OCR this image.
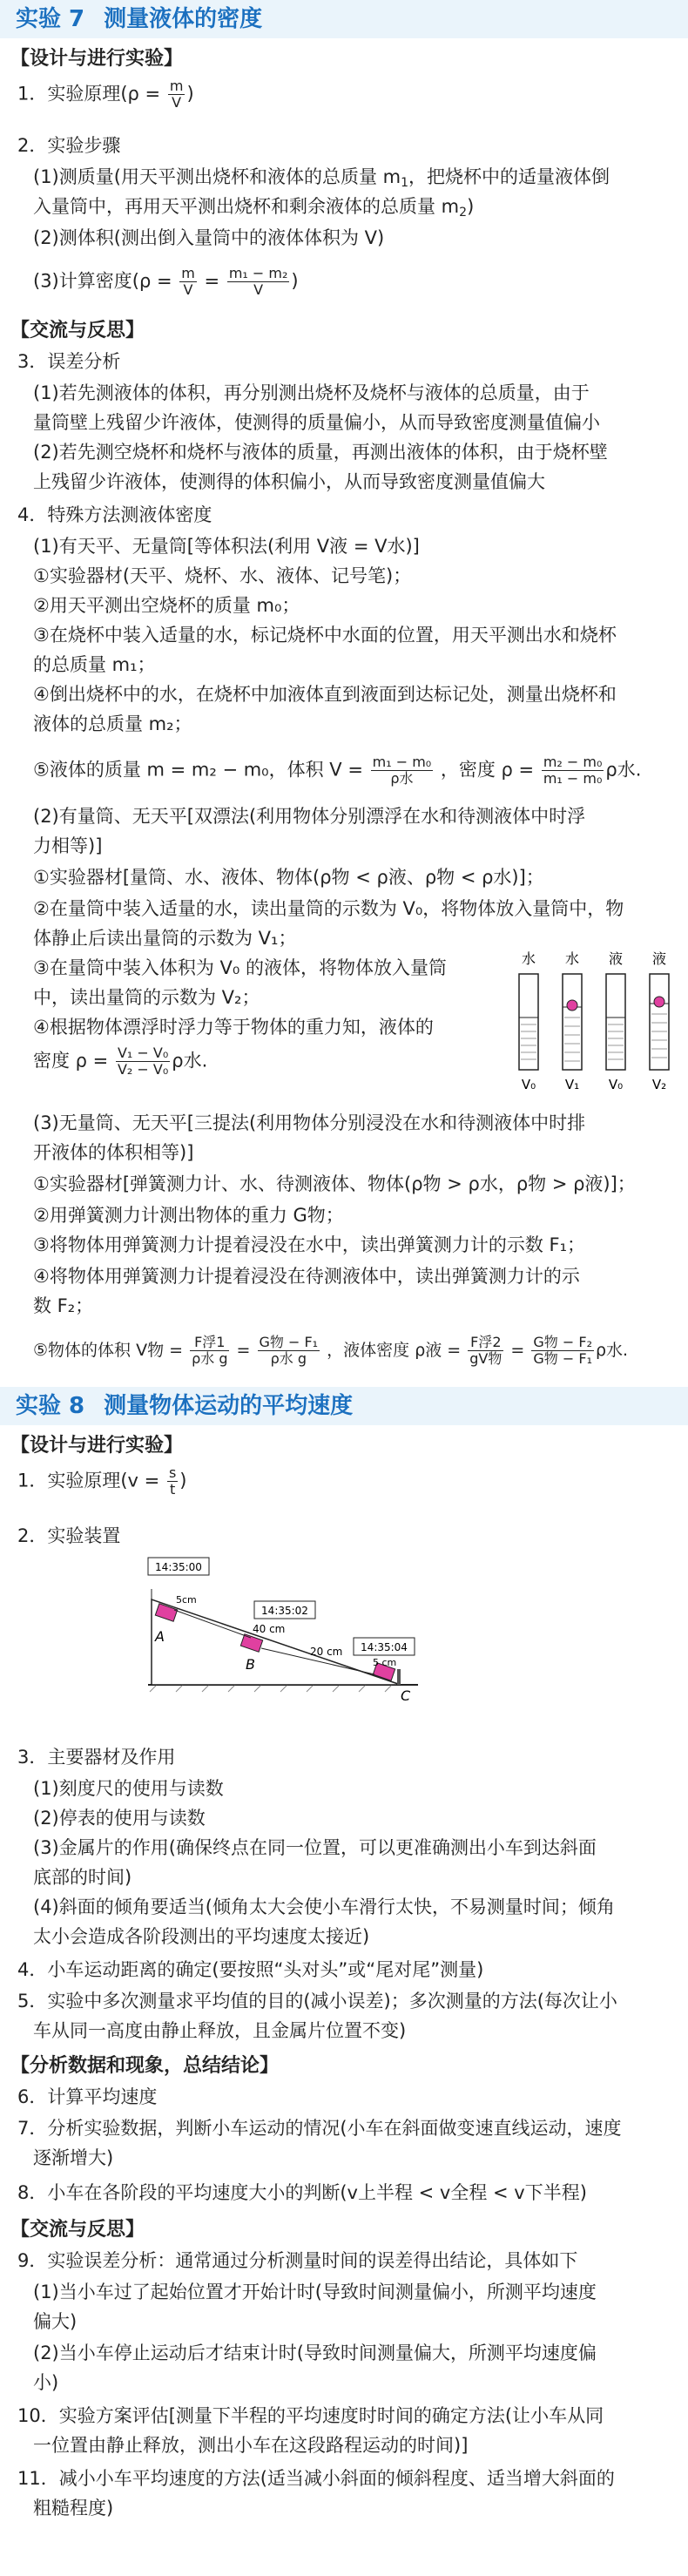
实验 7 测量液体的密度
【设计与进行实验】
1．实验原理($\rho = \frac{m}{V}$ )
2．实验步骤
(1)测质量(用天平测出烧杯和液体的总质量 $m_1$，把烧杯中的适量液体倒
入量筒中，再用天平测出烧杯和剩余液体的总质量 $m_2$)
(2)测体积(测出倒入量筒中的液体体积为 V)
(3)计算密度($\rho = \frac{m}{V} = \frac{\text{m₁ − m₂}}{V}$ )
【交流与反思】
3．误差分析
(1)若先测液体的体积，再分别测出烧杯及烧杯与液体的总质量，由于
量筒壁上残留少许液体，使测得的质量偏小，从而导致密度测量值偏小
(2)若先测空烧杯和烧杯与液体的质量，再测出液体的体积，由于烧杯壁
上残留少许液体，使测得的体积偏小，从而导致密度测量值偏大
4．特殊方法测液体密度
(1)有天平、无量筒[等体积法(利用 V液 = V水)]
①实验器材(天平、烧杯、水、液体、记号笔)；
②用天平测出空烧杯的质量 m₀；
③在烧杯中装入适量的水，标记烧杯中水面的位置，用天平测出水和烧杯
的总质量 m₁；
④倒出烧杯中的水，在烧杯中加液体直到液面到达标记处，测量出烧杯和
液体的总质量 m₂；
⑤液体的质量 m = m₂ − m₀，体积 $V = \frac{\text{m₁ − m₀}}{\text{ρ水}}$ ，密度 $\rho = \frac{\text{m₂ − m₀}}{\text{m₁ − m₀}}$ ρ水.
(2)有量筒、无天平[双漂法(利用物体分别漂浮在水和待测液体中时浮
力相等)]
①实验器材[量筒、水、液体、物体(ρ物 < ρ液、ρ物 < ρ水)]；
②在量筒中装入适量的水，读出量筒的示数为 V₀，将物体放入量筒中，物
体静止后读出量筒的示数为 V₁；
③在量筒中装入体积为 V₀ 的液体，将物体放入量筒
中，读出量筒的示数为 V₂；
④根据物体漂浮时浮力等于物体的重力知，液体的
密度 $\rho = \frac{\text{V₁ − V₀}}{\text{V₂ − V₀}}$ ρ水.
水
V₀
水
V₁
液
V₀
液
V₂
(3)无量筒、无天平[三提法(利用物体分别浸没在水和待测液体中时排
开液体的体积相等)]
①实验器材[弹簧测力计、水、待测液体、物体(ρ物 > ρ水，ρ物 > ρ液)]；
②用弹簧测力计测出物体的重力 G物；
③将物体用弹簧测力计提着浸没在水中，读出弹簧测力计的示数 F₁；
④将物体用弹簧测力计提着浸没在待测液体中，读出弹簧测力计的示
数 F₂；
⑤物体的体积 V物 = $\frac{\text{F浮1}}{\text{ρ水 g}} = \frac{\text{G物 − F₁}}{\text{ρ水 g}}$ ，液体密度 ρ液 = $\frac{\text{F浮2}}{\text{gV物}} = \frac{\text{G物 − F₂}}{\text{G物 − F₁}}$ ρ水.
实验 8 测量物体运动的平均速度
【设计与进行实验】
1．实验原理($v = \frac{s}{t}$ )
2．实验装置
14:35:00
14:35:02
14:35:04
5cm
40 cm
20 cm
5 cm
A
B
C
3．主要器材及作用
(1)刻度尺的使用与读数
(2)停表的使用与读数
(3)金属片的作用(确保终点在同一位置，可以更准确测出小车到达斜面
底部的时间)
(4)斜面的倾角要适当(倾角太大会使小车滑行太快，不易测量时间；倾角
太小会造成各阶段测出的平均速度太接近)
4．小车运动距离的确定(要按照“头对头”或“尾对尾”测量)
5．实验中多次测量求平均值的目的(减小误差)；多次测量的方法(每次让小
车从同一高度由静止释放，且金属片位置不变)
【分析数据和现象，总结结论】
6．计算平均速度
7．分析实验数据，判断小车运动的情况(小车在斜面做变速直线运动，速度
逐渐增大)
8．小车在各阶段的平均速度大小的判断(v上半程 < v全程 < v下半程)
【交流与反思】
9．实验误差分析：通常通过分析测量时间的误差得出结论，具体如下
(1)当小车过了起始位置才开始计时(导致时间测量偏小，所测平均速度
偏大)
(2)当小车停止运动后才结束计时(导致时间测量偏大，所测平均速度偏
小)
10．实验方案评估[测量下半程的平均速度时时间的确定方法(让小车从同
一位置由静止释放，测出小车在这段路程运动的时间)]
11．减小小车平均速度的方法(适当减小斜面的倾斜程度、适当增大斜面的
粗糙程度)
